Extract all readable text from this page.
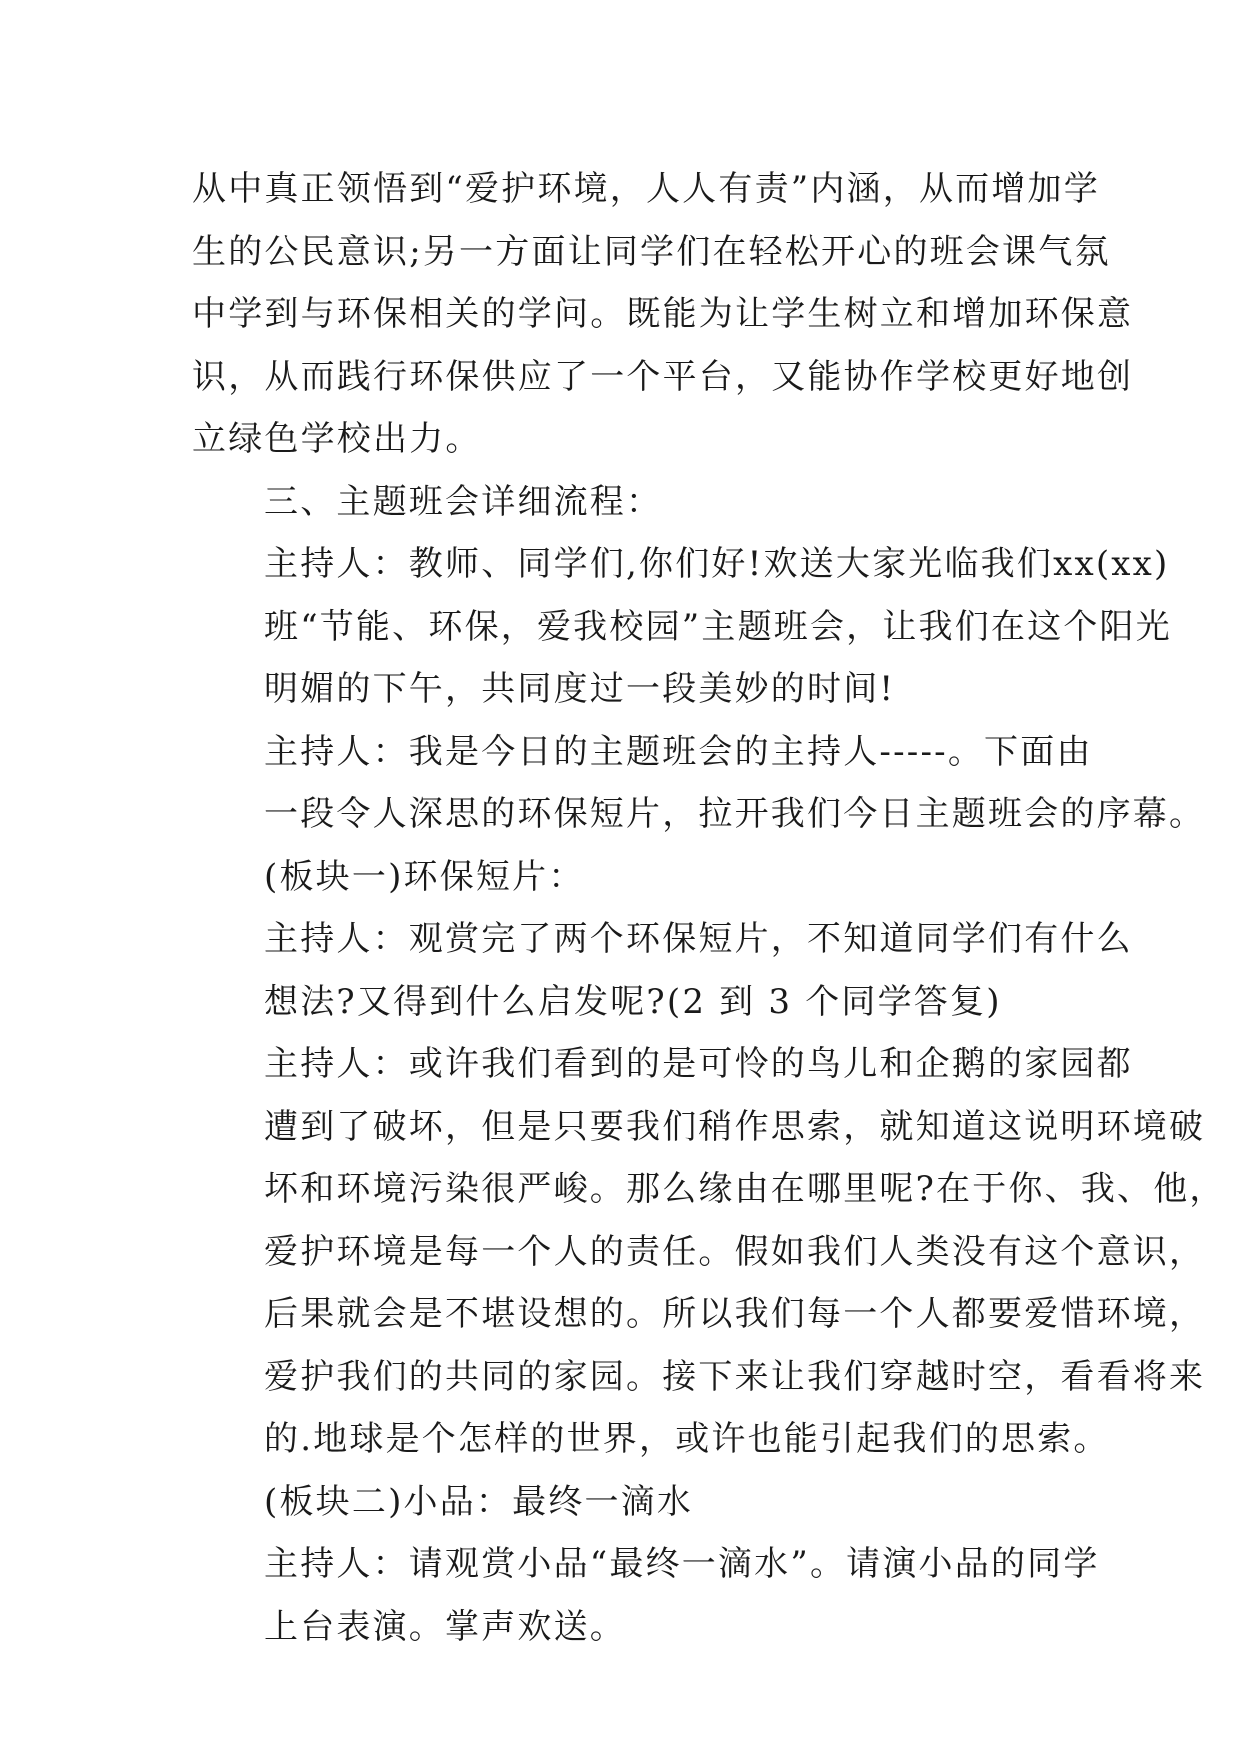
从中真正领悟到“爱护环境，人人有责”内涵，从而增加学
生的公民意识;另一方面让同学们在轻松开心的班会课气氛
中学到与环保相关的学问。既能为让学生树立和增加环保意
识，从而践行环保供应了一个平台，又能协作学校更好地创
立绿色学校出力。

三、主题班会详细流程：

主持人：教师、同学们,你们好!欢送大家光临我们xx(xx)
班“节能、环保，爱我校园”主题班会，让我们在这个阳光
明媚的下午，共同度过一段美妙的时间!

主持人：我是今日的主题班会的主持人-----。下面由
一段令人深思的环保短片，拉开我们今日主题班会的序幕。

(板块一)环保短片：

主持人：观赏完了两个环保短片，不知道同学们有什么
想法?又得到什么启发呢?(2 到 3 个同学答复)

主持人：或许我们看到的是可怜的鸟儿和企鹅的家园都
遭到了破坏，但是只要我们稍作思索，就知道这说明环境破
坏和环境污染很严峻。那么缘由在哪里呢?在于你、我、他，
爱护环境是每一个人的责任。假如我们人类没有这个意识，
后果就会是不堪设想的。所以我们每一个人都要爱惜环境，
爱护我们的共同的家园。接下来让我们穿越时空，看看将来
的.地球是个怎样的世界，或许也能引起我们的思索。

(板块二)小品：最终一滴水

主持人：请观赏小品“最终一滴水”。请演小品的同学
上台表演。掌声欢送。
